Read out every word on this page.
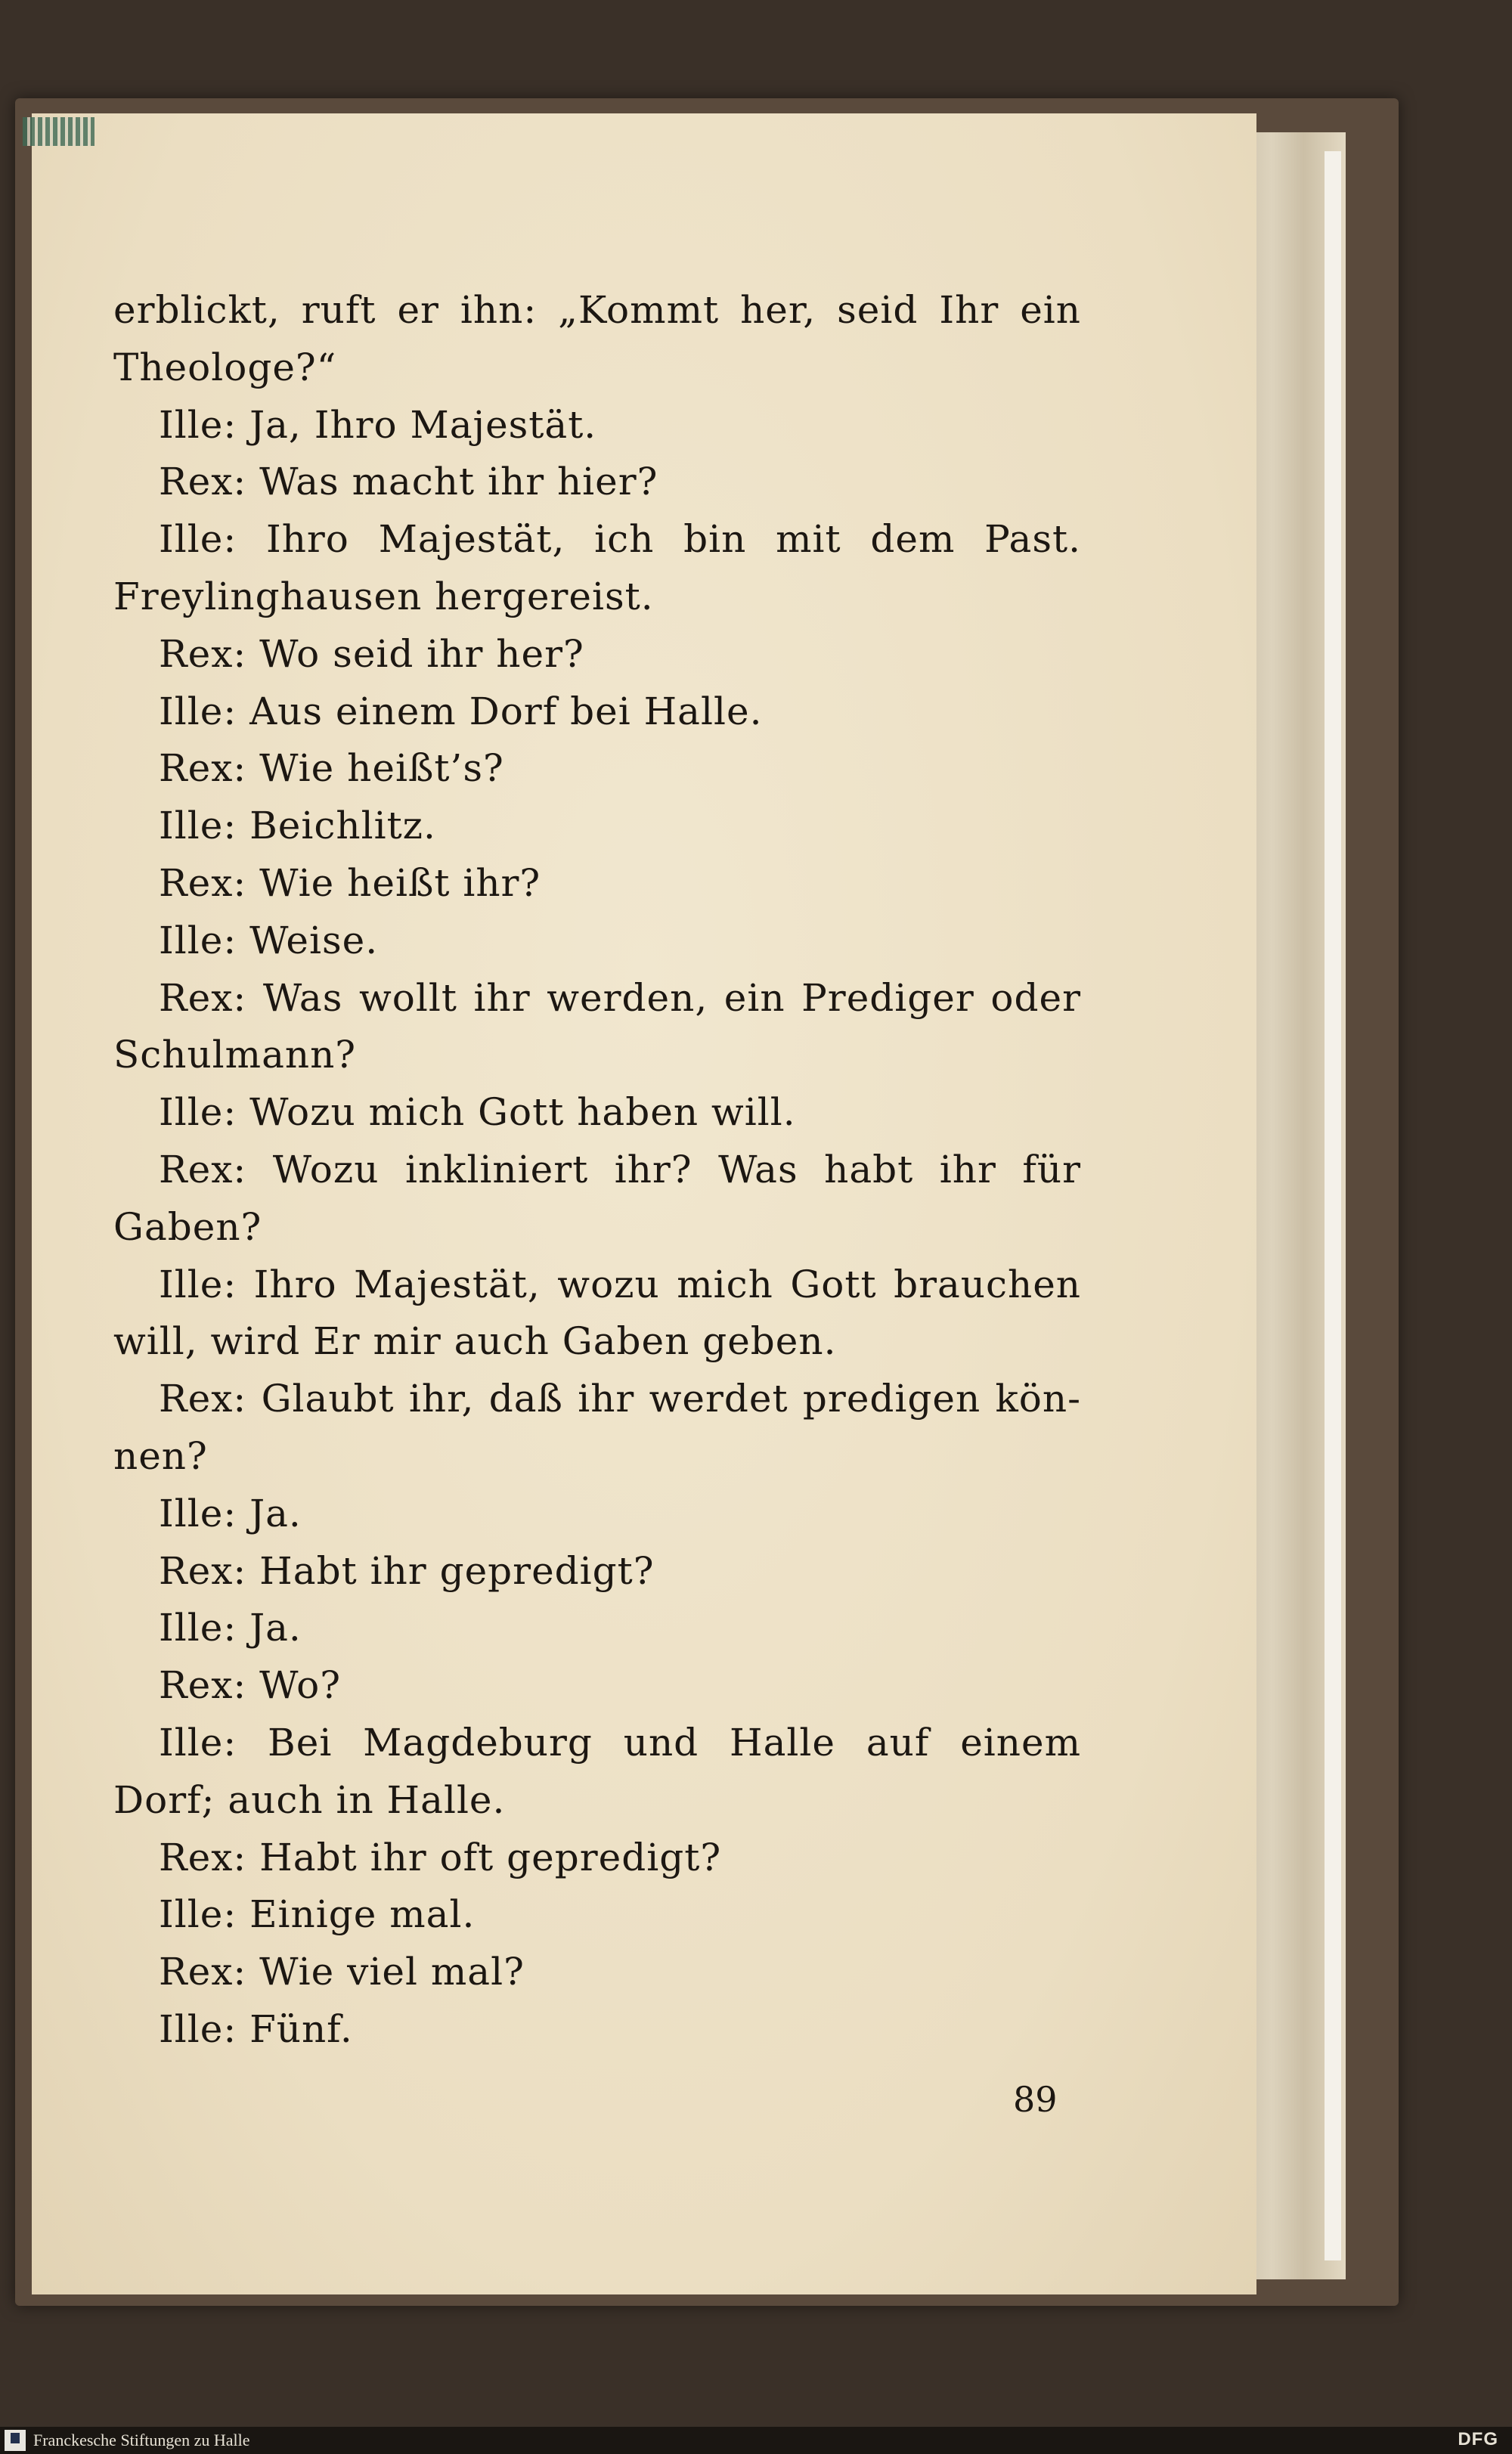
erblickt, ruft er ihn: „Kommt her, seid Ihr ein
Theologe?“
Ille: Ja, Ihro Majestät.
Rex: Was macht ihr hier?
Ille: Ihro Majestät, ich bin mit dem Past.
Freylinghausen hergereist.
Rex: Wo seid ihr her?
Ille: Aus einem Dorf bei Halle.
Rex: Wie heißt’s?
Ille: Beichlitz.
Rex: Wie heißt ihr?
Ille: Weise.
Rex: Was wollt ihr werden, ein Prediger oder
Schulmann?
Ille: Wozu mich Gott haben will.
Rex: Wozu inkliniert ihr? Was habt ihr für
Gaben?
Ille: Ihro Majestät, wozu mich Gott brauchen
will, wird Er mir auch Gaben geben.
Rex: Glaubt ihr, daß ihr werdet predigen kön-
nen?
Ille: Ja.
Rex: Habt ihr gepredigt?
Ille: Ja.
Rex: Wo?
Ille: Bei Magdeburg und Halle auf einem
Dorf; auch in Halle.
Rex: Habt ihr oft gepredigt?
Ille: Einige mal.
Rex: Wie viel mal?
Ille: Fünf.
89
Franckesche Stiftungen zu Halle	DFG
